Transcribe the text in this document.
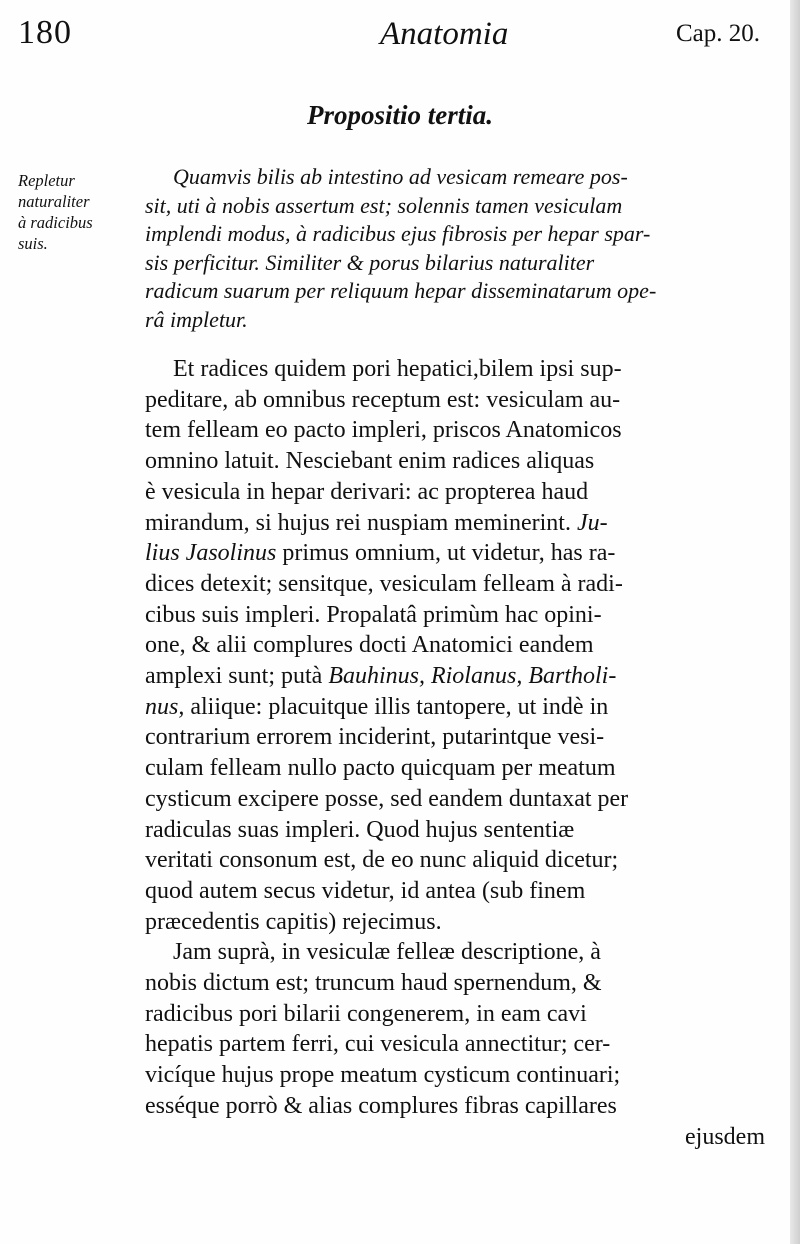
180	Anatomia	Cap. 20.
Propositio tertia.
Repletur
naturaliter
à radicibus
suis.
Quamvis bilis ab intestino ad vesicam remeare pos-
sit, uti à nobis assertum est; solennis tamen vesiculam
implendi modus, à radicibus ejus fibrosis per hepar spar-
sis perficitur. Similiter & porus bilarius naturaliter
radicum suarum per reliquum hepar disseminatarum ope-
râ impletur.
Et radices quidem pori hepatici,bilem ipsi sup-
peditare, ab omnibus receptum est: vesiculam au-
tem felleam eo pacto impleri, priscos Anatomicos
omnino latuit. Nesciebant enim radices aliquas
è vesicula in hepar derivari: ac propterea haud
mirandum, si hujus rei nuspiam meminerint. Ju-
lius Jasolinus primus omnium, ut videtur, has ra-
dices detexit; sensitque, vesiculam felleam à radi-
cibus suis impleri. Propalatâ primùm hac opini-
one, & alii complures docti Anatomici eandem
amplexi sunt; putà Bauhinus, Riolanus, Bartholi-
nus, aliique: placuitque illis tantopere, ut indè in
contrarium errorem inciderint, putarintque vesi-
culam felleam nullo pacto quicquam per meatum
cysticum excipere posse, sed eandem duntaxat per
radiculas suas impleri. Quod hujus sententiæ
veritati consonum est, de eo nunc aliquid dicetur;
quod autem secus videtur, id antea (sub finem
præcedentis capitis) rejecimus.
Jam suprà, in vesiculæ felleæ descriptione, à
nobis dictum est; truncum haud spernendum, &
radicibus pori bilarii congenerem, in eam cavi
hepatis partem ferri, cui vesicula annectitur; cer-
vicíque hujus prope meatum cysticum continuari;
esséque porrò & alias complures fibras capillares
ejusdem
